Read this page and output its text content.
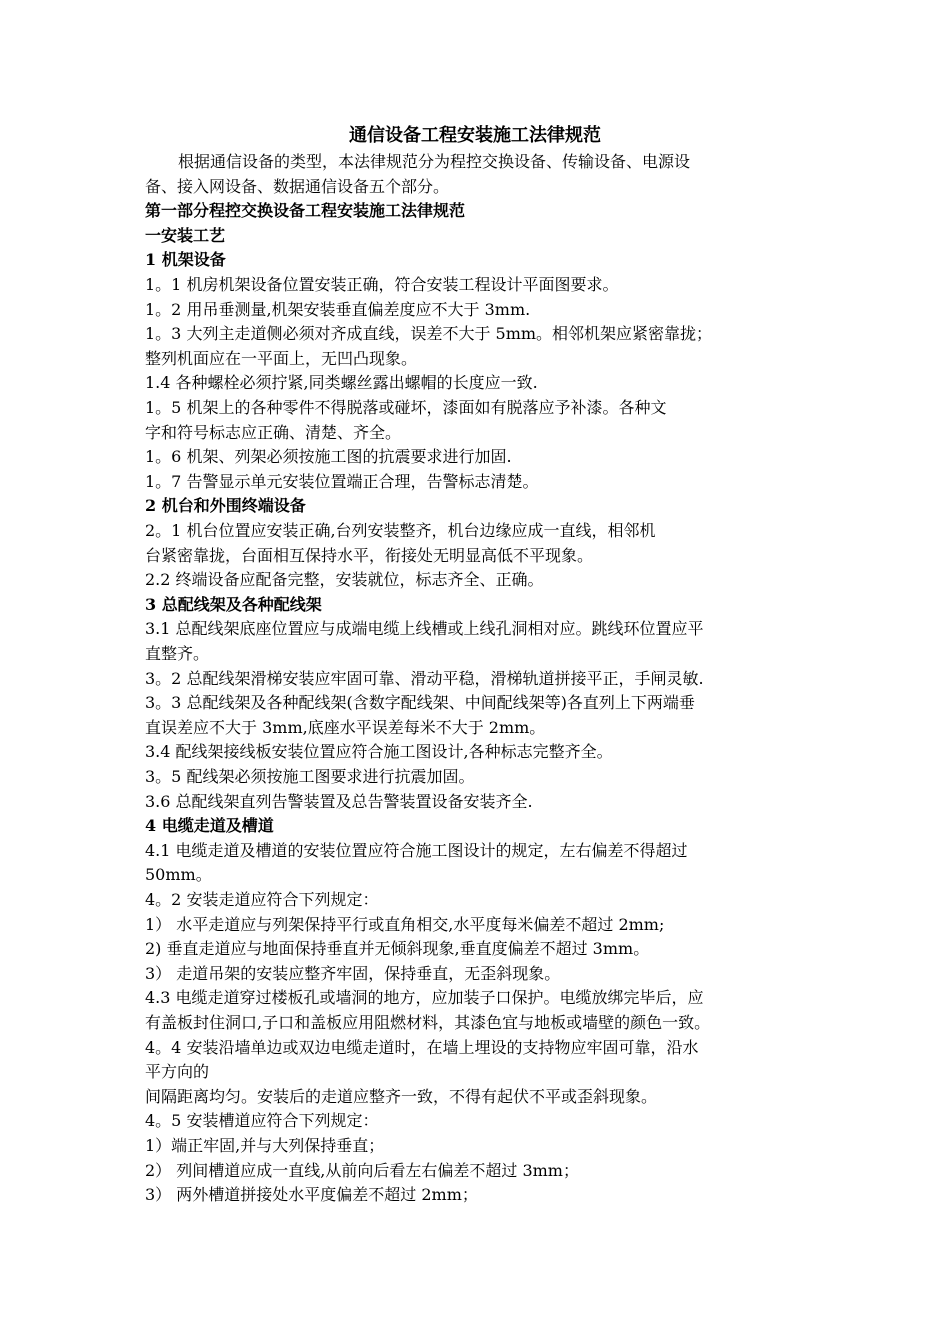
通信设备工程安装施工法律规范
根据通信设备的类型，本法律规范分为程控交换设备、传输设备、电源设
备、接入网设备、数据通信设备五个部分。
第一部分程控交换设备工程安装施工法律规范
一安装工艺
1 机架设备
1。1 机房机架设备位置安装正确，符合安装工程设计平面图要求。
1。2 用吊垂测量,机架安装垂直偏差度应不大于 3mm.
1。3 大列主走道侧必须对齐成直线，误差不大于 5mm。相邻机架应紧密靠拢；
整列机面应在一平面上，无凹凸现象。
1.4 各种螺栓必须拧紧,同类螺丝露出螺帽的长度应一致.
1。5 机架上的各种零件不得脱落或碰坏，漆面如有脱落应予补漆。各种文
字和符号标志应正确、清楚、齐全。
1。6 机架、列架必须按施工图的抗震要求进行加固.
1。7 告警显示单元安装位置端正合理，告警标志清楚。
2 机台和外围终端设备
2。1 机台位置应安装正确,台列安装整齐，机台边缘应成一直线，相邻机
台紧密靠拢，台面相互保持水平，衔接处无明显高低不平现象。
2.2 终端设备应配备完整，安装就位，标志齐全、正确。
3 总配线架及各种配线架
3.1 总配线架底座位置应与成端电缆上线槽或上线孔洞相对应。跳线环位置应平
直整齐。
3。2 总配线架滑梯安装应牢固可靠、滑动平稳，滑梯轨道拼接平正，手闸灵敏.
3。3 总配线架及各种配线架(含数字配线架、中间配线架等)各直列上下两端垂
直误差应不大于 3mm,底座水平误差每米不大于 2mm。
3.4 配线架接线板安装位置应符合施工图设计,各种标志完整齐全。
3。5 配线架必须按施工图要求进行抗震加固。
3.6 总配线架直列告警装置及总告警装置设备安装齐全.
4 电缆走道及槽道
4.1 电缆走道及槽道的安装位置应符合施工图设计的规定，左右偏差不得超过
50mm。
4。2 安装走道应符合下列规定：
1） 水平走道应与列架保持平行或直角相交,水平度每米偏差不超过 2mm;
2) 垂直走道应与地面保持垂直并无倾斜现象,垂直度偏差不超过 3mm。
3） 走道吊架的安装应整齐牢固，保持垂直，无歪斜现象。
4.3 电缆走道穿过楼板孔或墙洞的地方，应加装子口保护。电缆放绑完毕后，应
有盖板封住洞口,子口和盖板应用阻燃材料，其漆色宜与地板或墙壁的颜色一致。
4。4 安装沿墙单边或双边电缆走道时，在墙上埋设的支持物应牢固可靠，沿水
平方向的
间隔距离均匀。安装后的走道应整齐一致，不得有起伏不平或歪斜现象。
4。5 安装槽道应符合下列规定：
1）端正牢固,并与大列保持垂直；
2） 列间槽道应成一直线,从前向后看左右偏差不超过 3mm；
3） 两外槽道拼接处水平度偏差不超过 2mm；
